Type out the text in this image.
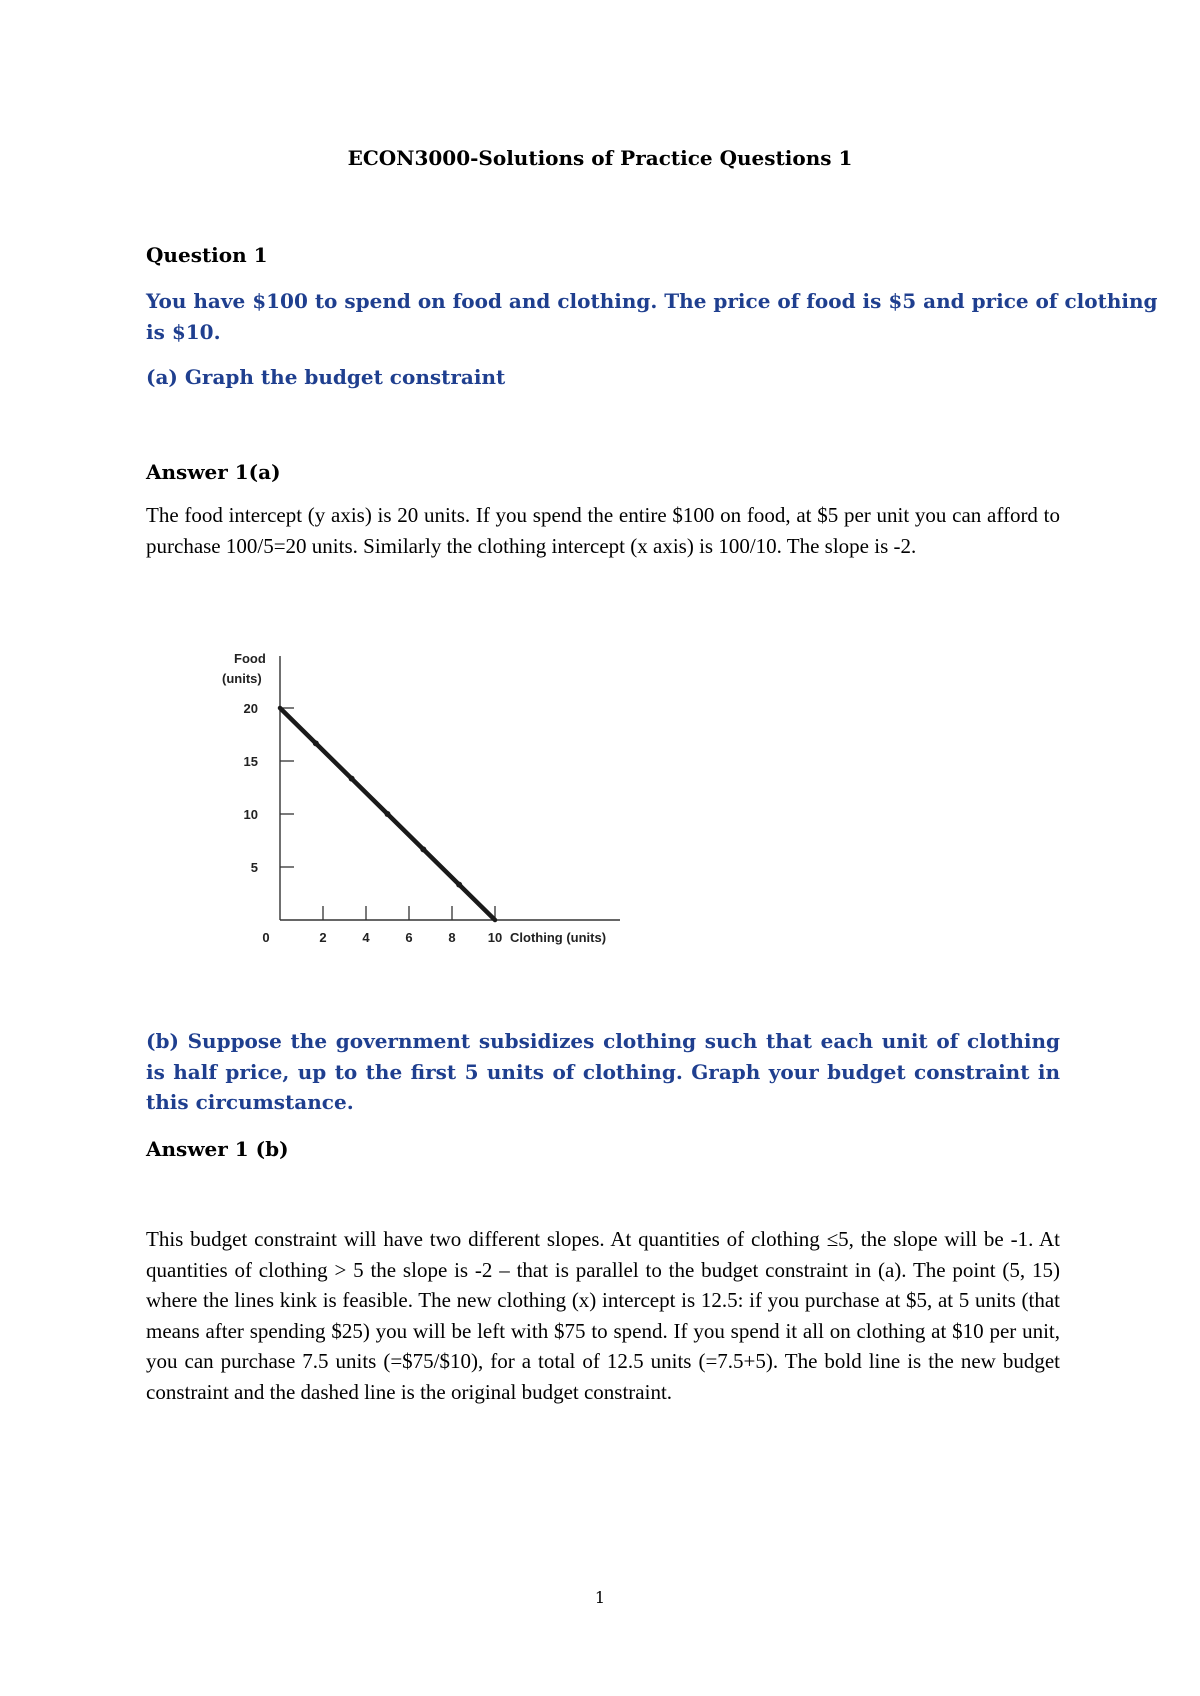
ECON3000-Solutions of Practice Questions 1
Question 1
You have $100 to spend on food and clothing. The price of food is $5 and price of clothing
is $10.
(a) Graph the budget constraint
Answer 1(a)
The food intercept (y axis) is 20 units. If you spend the entire $100 on food, at $5 per unit you can afford to purchase 100/5=20 units. Similarly the clothing intercept (x axis) is 100/10. The slope is -2.
5
10
15
20
0	2	4	6	8 10
Food
(units)
Clothing (units)
(b) Suppose the government subsidizes clothing such that each unit of clothing is half price, up to the first 5 units of clothing. Graph your budget constraint in this circumstance.
Answer 1 (b)
This budget constraint will have two different slopes. At quantities of clothing ≤5, the slope will be -1. At quantities of clothing > 5 the slope is -2 – that is parallel to the budget constraint in (a). The point (5, 15) where the lines kink is feasible. The new clothing (x) intercept is 12.5: if you purchase at $5, at 5 units (that means after spending $25) you will be left with $75 to spend. If you spend it all on clothing at $10 per unit, you can purchase 7.5 units (=$75/$10), for a total of 12.5 units (=7.5+5). The bold line is the new budget constraint and the dashed line is the original budget constraint.
1
